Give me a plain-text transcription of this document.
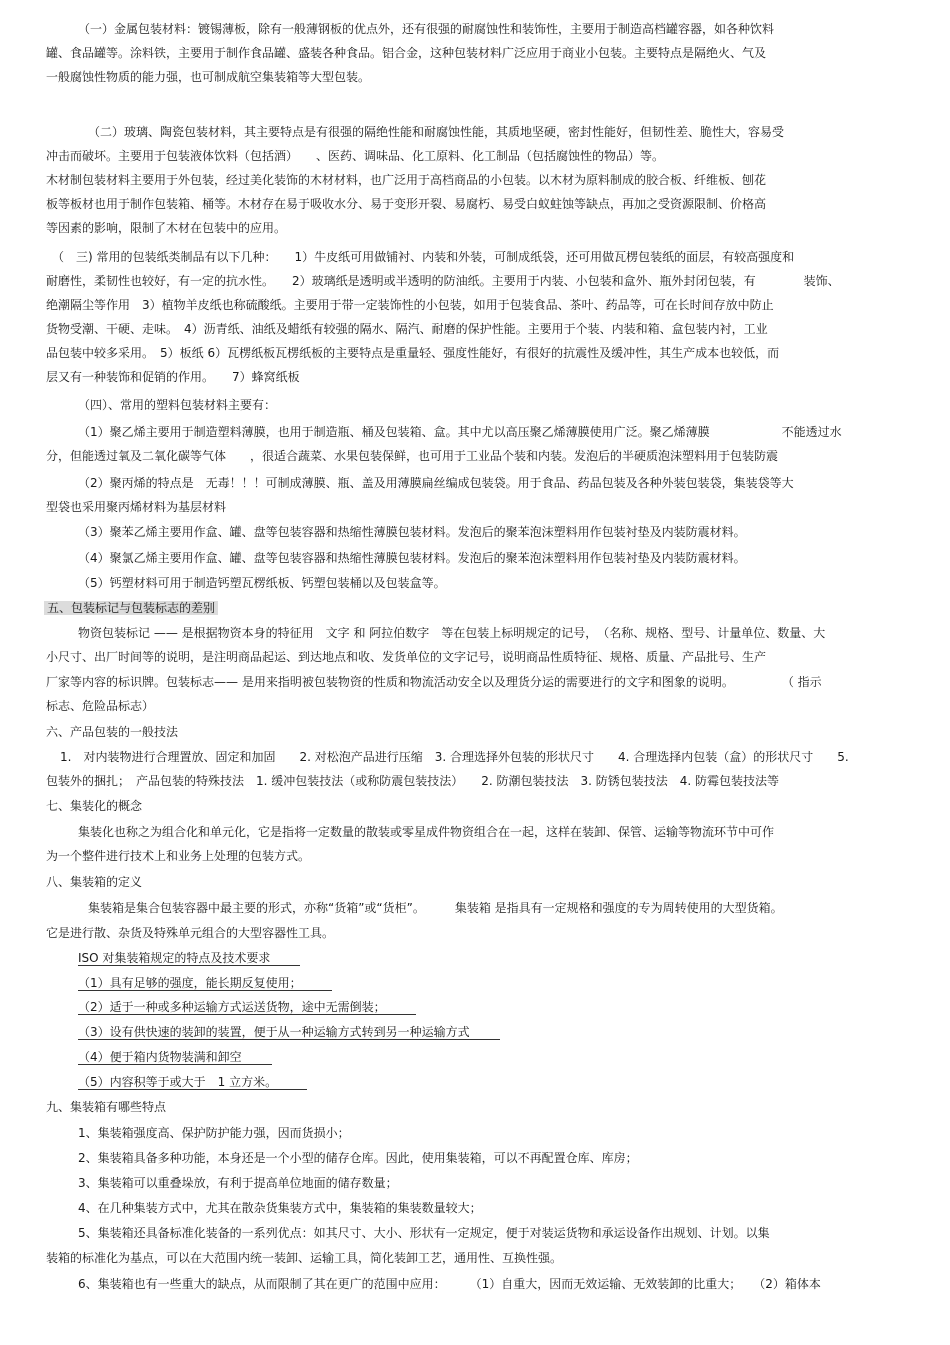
（一）金属包装材料：镀锡薄板，除有一般薄钢板的优点外，还有很强的耐腐蚀性和装饰性，主要用于制造高档罐容器，如各种饮料
罐、食品罐等。涂料铁，主要用于制作食品罐、盛装各种食品。铝合金，这种包装材料广泛应用于商业小包装。主要特点是隔绝火、气及
一般腐蚀性物质的能力强，也可制成航空集装箱等大型包装。
（二）玻璃、陶瓷包装材料，其主要特点是有很强的隔绝性能和耐腐蚀性能，其质地坚硬，密封性能好，但韧性差、脆性大，容易受
冲击而破坏。主要用于包装液体饮料（包括酒）　　、医药、调味品、化工原料、化工制品（包括腐蚀性的物品）等。
木材制包装材料主要用于外包装，经过美化装饰的木材材料，也广泛用于高档商品的小包装。以木材为原料制成的胶合板、纤维板、刨花
板等板材也用于制作包装箱、桶等。木材存在易于吸收水分、易于变形开裂、易腐朽、易受白蚁蛀蚀等缺点，再加之受资源限制、价格高
等因素的影响，限制了木材在包装中的应用。
（　三) 常用的包装纸类制品有以下几种：　　1）牛皮纸可用做铺衬、内装和外装，可制成纸袋，还可用做瓦楞包装纸的面层，有较高强度和
耐磨性，柔韧性也较好，有一定的抗水性。　　2）玻璃纸是透明或半透明的防油纸。主要用于内装、小包装和盒外、瓶外封闭包装，有　　　　装饰、
绝潮隔尘等作用　3）植物羊皮纸也称硫酸纸。主要用于带一定装饰性的小包装，如用于包装食品、茶叶、药品等，可在长时间存放中防止
货物受潮、干硬、走味。　4）沥青纸、油纸及蜡纸有较强的隔水、隔汽、耐磨的保护性能。主要用于个装、内装和箱、盒包装内衬，工业
品包装中较多采用。　5）板纸 6）瓦楞纸板瓦楞纸板的主要特点是重量轻、强度性能好，有很好的抗震性及缓冲性，其生产成本也较低，而
层又有一种装饰和促销的作用。　　7）蜂窝纸板
（四）、常用的塑料包装材料主要有：
（1）聚乙烯主要用于制造塑料薄膜，也用于制造瓶、桶及包装箱、盒。其中尤以高压聚乙烯薄膜使用广泛。聚乙烯薄膜　　　　　　不能透过水
分，但能透过氧及二氧化碳等气体　　，很适合蔬菜、水果包装保鲜，也可用于工业品个装和内装。发泡后的半硬质泡沫塑料用于包装防震
（2）聚丙烯的特点是　无毒！！！可制成薄膜、瓶、盖及用薄膜扁丝编成包装袋。用于食品、药品包装及各种外装包装袋，集装袋等大
型袋也采用聚丙烯材料为基层材料
（3）聚苯乙烯主要用作盒、罐、盘等包装容器和热缩性薄膜包装材料。发泡后的聚苯泡沫塑料用作包装衬垫及内装防震材料。
（4）聚氯乙烯主要用作盒、罐、盘等包装容器和热缩性薄膜包装材料。发泡后的聚苯泡沫塑料用作包装衬垫及内装防震材料。
（5）钙塑材料可用于制造钙塑瓦楞纸板、钙塑包装桶以及包装盒等。
五、包装标记与包装标志的差别
物资包装标记 —— 是根据物资本身的特征用　文字 和 阿拉伯数字　等在包装上标明规定的记号，　（名称、规格、型号、计量单位、数量、大
小尺寸、出厂时间等的说明，是注明商品起运、到达地点和收、发货单位的文字记号，说明商品性质特征、规格、质量、产品批号、生产
厂家等内容的标识牌。包装标志—— 是用来指明被包装物资的性质和物流活动安全以及理货分运的需要进行的文字和图象的说明。　　　　　（ 指示
标志、危险品标志）
六、产品包装的一般技法
1.　对内装物进行合理置放、固定和加固　　2. 对松泡产品进行压缩　3. 合理选择外包装的形状尺寸　　4. 合理选择内包装（盒）的形状尺寸　　5.
包装外的捆扎；　产品包装的特殊技法　1. 缓冲包装技法（或称防震包装技法）　　2. 防潮包装技法　3. 防锈包装技法　4. 防霉包装技法等
七、集装化的概念
集装化也称之为组合化和单元化，它是指将一定数量的散装或零星成件物资组合在一起，这样在装卸、保管、运输等物流环节中可作
为一个整件进行技术上和业务上处理的包装方式。
八、集装箱的定义
集装箱是集合包装容器中最主要的形式，亦称“货箱”或“货柜”。　　　集装箱 是指具有一定规格和强度的专为周转使用的大型货箱。
它是进行散、杂货及特殊单元组合的大型容器性工具。
ISO 对集装箱规定的特点及技术要求
（1）具有足够的强度，能长期反复使用；
（2）适于一种或多种运输方式运送货物，途中无需倒装；
（3）设有供快速的装卸的装置，便于从一种运输方式转到另一种运输方式
（4）便于箱内货物装满和卸空
（5）内容积等于或大于　1 立方米。
九、集装箱有哪些特点
1、集装箱强度高、保护防护能力强，因而货损小；
2、集装箱具备多种功能，本身还是一个小型的储存仓库。因此，使用集装箱，可以不再配置仓库、库房；
3、集装箱可以重叠垛放，有利于提高单位地面的储存数量；
4、在几种集装方式中，尤其在散杂货集装方式中，集装箱的集装数量较大；
5、集装箱还具备标准化装备的一系列优点：如其尺寸、大小、形状有一定规定，便于对装运货物和承运设备作出规划、计划。以集
装箱的标准化为基点，可以在大范围内统一装卸、运输工具，简化装卸工艺，通用性、互换性强。
6、集装箱也有一些重大的缺点，从而限制了其在更广的范围中应用：　　　（1）自重大，因而无效运输、无效装卸的比重大；　　（2）箱体本
